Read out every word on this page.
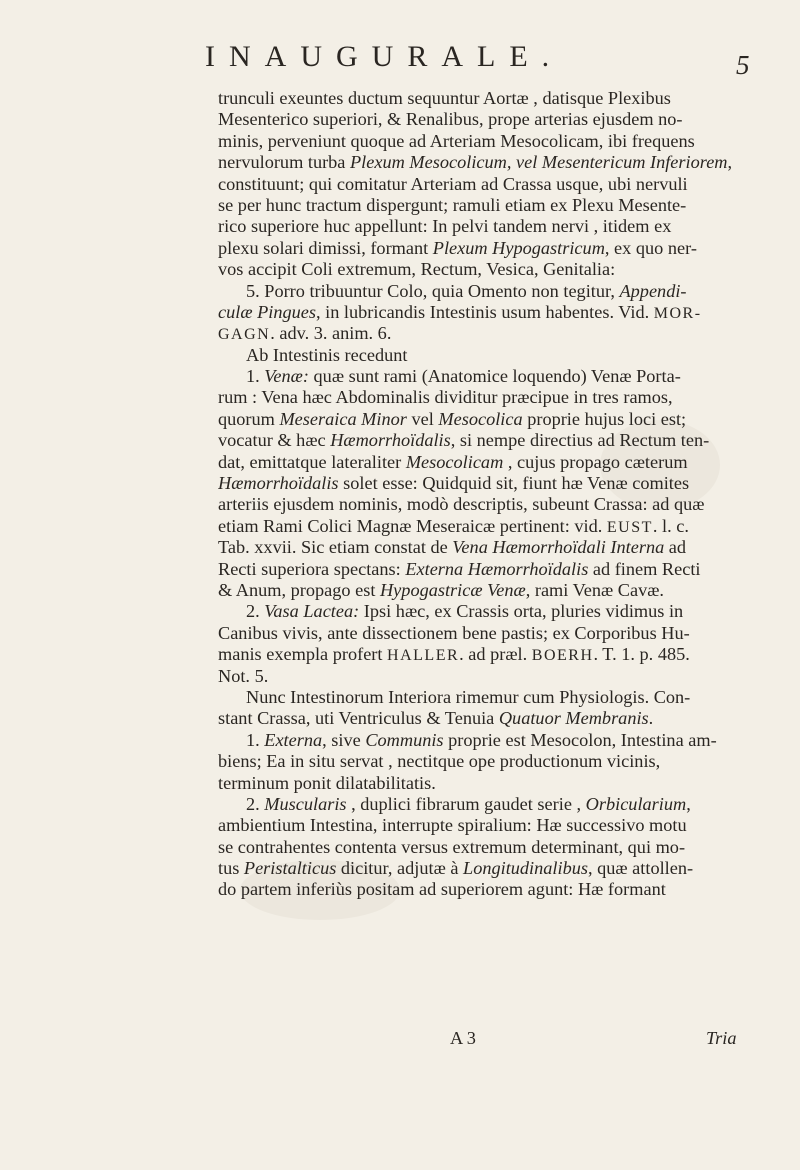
INAUGURALE.	5
trunculi exeuntes ductum sequuntur Aortæ , datisque Plexibus
Mesenterico superiori, & Renalibus, prope arterias ejusdem no-
minis, perveniunt quoque ad Arteriam Mesocolicam, ibi frequens
nervulorum turba Plexum Mesocolicum, vel Mesentericum Inferiorem,
constituunt; qui comitatur Arteriam ad Crassa usque, ubi nervuli
se per hunc tractum dispergunt; ramuli etiam ex Plexu Mesente-
rico superiore huc appellunt: In pelvi tandem nervi , itidem ex
plexu solari dimissi, formant Plexum Hypogastricum, ex quo ner-
vos accipit Coli extremum, Rectum, Vesica, Genitalia:
5. Porro tribuuntur Colo, quia Omento non tegitur, Appendi-
culæ Pingues, in lubricandis Intestinis usum habentes. Vid. MOR-
GAGN. adv. 3. anim. 6.
Ab Intestinis recedunt
1. Venæ: quæ sunt rami (Anatomice loquendo) Venæ Porta-
rum : Vena hæc Abdominalis dividitur præcipue in tres ramos,
quorum Meseraica Minor vel Mesocolica proprie hujus loci est;
vocatur & hæc Hæmorrhoïdalis, si nempe directius ad Rectum ten-
dat, emittatque lateraliter Mesocolicam , cujus propago cæterum
Hæmorrhoïdalis solet esse: Quidquid sit, fiunt hæ Venæ comites
arteriis ejusdem nominis, modò descriptis, subeunt Crassa: ad quæ
etiam Rami Colici Magnæ Meseraicæ pertinent: vid. EUST. l. c.
Tab. xxvii. Sic etiam constat de Vena Hæmorrhoïdali Interna ad
Recti superiora spectans: Externa Hæmorrhoïdalis ad finem Recti
& Anum, propago est Hypogastricæ Venæ, rami Venæ Cavæ.
2. Vasa Lactea: Ipsi hæc, ex Crassis orta, pluries vidimus in
Canibus vivis, ante dissectionem bene pastis; ex Corporibus Hu-
manis exempla profert HALLER. ad præl. BOERH. T. 1. p. 485.
Not. 5.
Nunc Intestinorum Interiora rimemur cum Physiologis. Con-
stant Crassa, uti Ventriculus & Tenuia Quatuor Membranis.
1. Externa, sive Communis proprie est Mesocolon, Intestina am-
biens; Ea in situ servat , nectitque ope productionum vicinis,
terminum ponit dilatabilitatis.
2. Muscularis , duplici fibrarum gaudet serie , Orbicularium,
ambientium Intestina, interrupte spiralium: Hæ successivo motu
se contrahentes contenta versus extremum determinant, qui mo-
tus Peristalticus dicitur, adjutæ à Longitudinalibus, quæ attollen-
do partem inferiùs positam ad superiorem agunt: Hæ formant
A 3	Tria
